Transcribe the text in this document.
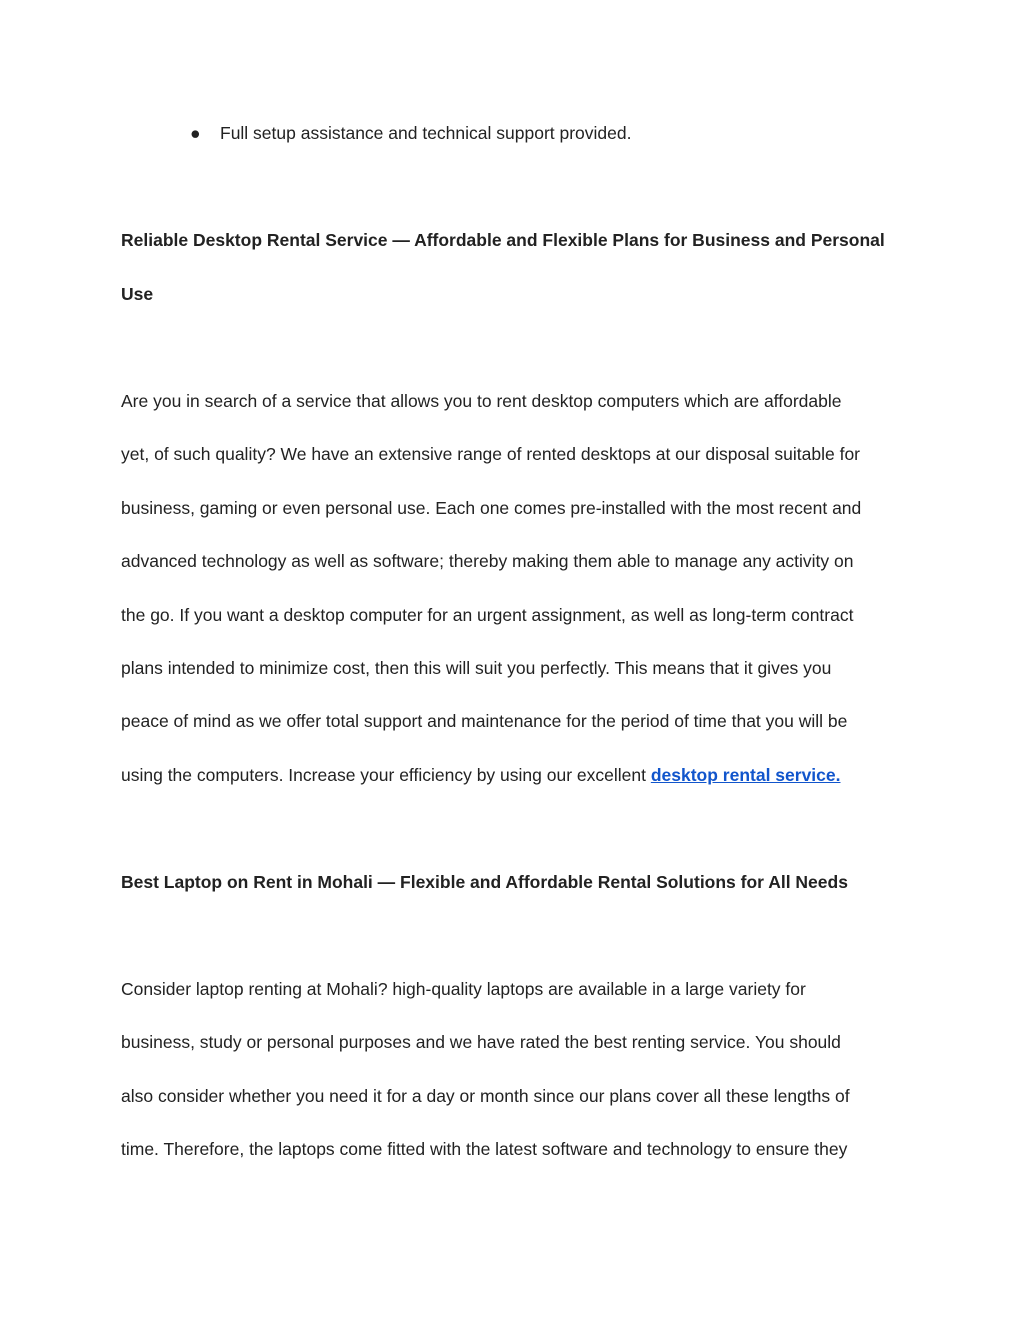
● Full setup assistance and technical support provided.
Reliable Desktop Rental Service — Affordable and Flexible Plans for Business and Personal
Use
Are you in search of a service that allows you to rent desktop computers which are affordable
yet, of such quality? We have an extensive range of rented desktops at our disposal suitable for
business, gaming or even personal use. Each one comes pre-installed with the most recent and
advanced technology as well as software; thereby making them able to manage any activity on
the go. If you want a desktop computer for an urgent assignment, as well as long-term contract
plans intended to minimize cost, then this will suit you perfectly. This means that it gives you
peace of mind as we offer total support and maintenance for the period of time that you will be
using the computers. Increase your efficiency by using our excellent desktop rental service.
Best Laptop on Rent in Mohali — Flexible and Affordable Rental Solutions for All Needs
Consider laptop renting at Mohali? high-quality laptops are available in a large variety for
business, study or personal purposes and we have rated the best renting service. You should
also consider whether you need it for a day or month since our plans cover all these lengths of
time. Therefore, the laptops come fitted with the latest software and technology to ensure they
